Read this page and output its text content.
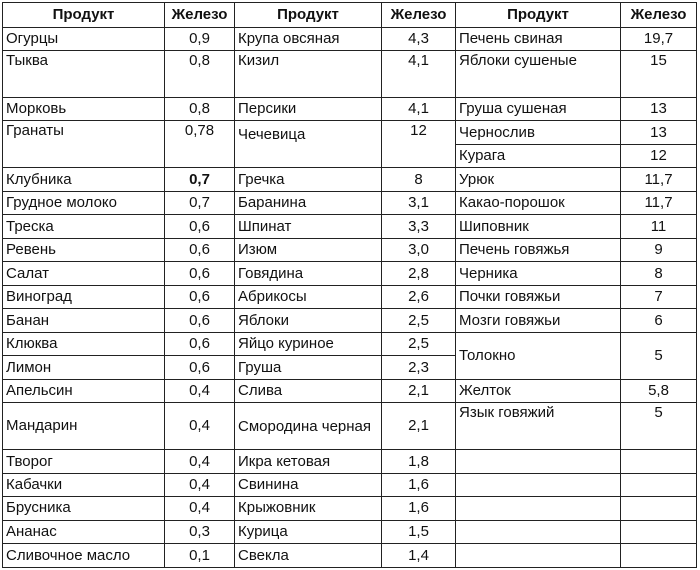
Продукт	Железо	Продукт	Железо	Продукт	Железо
Огурцы	0,9	Крупа овсяная	4,3	Печень свиная	19,7
Тыква	0,8	Кизил	4,1	Яблоки сушеные	15
Морковь	0,8	Персики	4,1	Груша сушеная	13
Гранаты	0,78	Чечевица	12	Чернослив	13
				Курага	12
Клубника	0,7	Гречка	8	Урюк	11,7
Грудное молоко	0,7	Баранина	3,1	Какао-порошок	11,7
Треска	0,6	Шпинат	3,3	Шиповник	11
Ревень	0,6	Изюм	3,0	Печень говяжья	9
Салат	0,6	Говядина	2,8	Черника	8
Виноград	0,6	Абрикосы	2,6	Почки говяжьи	7
Банан	0,6	Яблоки	2,5	Мозги говяжьи	6
Клюква	0,6	Яйцо куриное	2,5	Толокно	5
Лимон	0,6	Груша	2,3		
Апельсин	0,4	Слива	2,1	Желток	5,8
Мандарин	0,4	Смородина черная	2,1	Язык говяжий	5
Творог	0,4	Икра кетовая	1,8		
Кабачки	0,4	Свинина	1,6		
Брусника	0,4	Крыжовник	1,6		
Ананас	0,3	Курица	1,5		
Сливочное масло	0,1	Свекла	1,4		
